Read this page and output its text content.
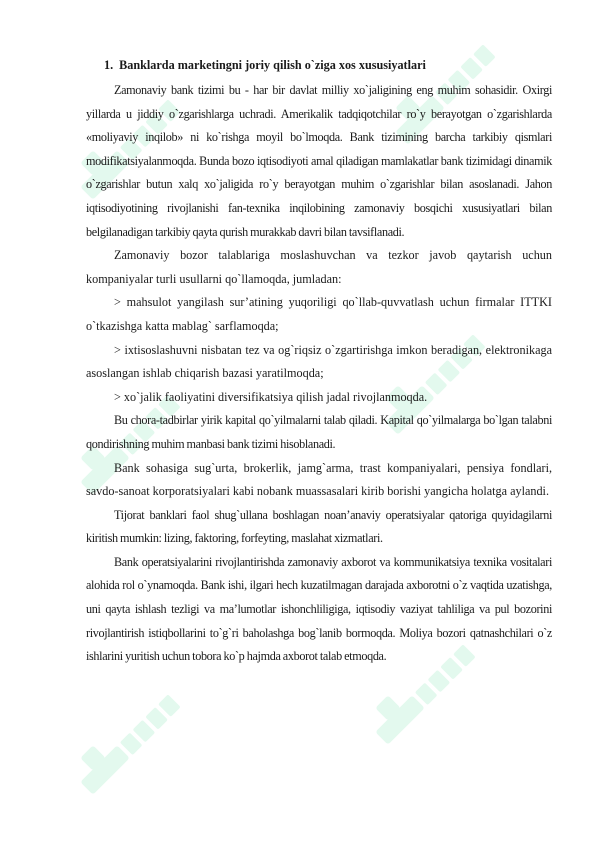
1. Banklarda marketingni joriy qilish o`ziga xos xususiyatlari

Zamonaviy bank tizimi bu - har bir davlat milliy xo`jaligining eng muhim sohasidir. Oxirgi yillarda u jiddiy o`zgarishlarga uchradi. Amerikalik tadqiqotchilar ro`y berayotgan o`zgarishlarda «moliyaviy inqilob» ni ko`rishga moyil bo`lmoqda. Bank tizimining barcha tarkibiy qismlari modifikatsiyalanmoqda. Bunda bozo iqtisodiyoti amal qiladigan mamlakatlar bank tizimidagi dinamik o`zgarishlar butun xalq xo`jaligida ro`y berayotgan muhim o`zgarishlar bilan asoslanadi. Jahon iqtisodiyotining rivojlanishi fan-texnika inqilobining zamonaviy bosqichi xususiyatlari bilan belgilanadigan tarkibiy qayta qurish murakkab davri bilan tavsiflanadi.

Zamonaviy bozor talablariga moslashuvchan va tezkor javob qaytarish uchun kompaniyalar turli usullarni qo`llamoqda, jumladan:

> mahsulot yangilash sur’atining yuqoriligi qo`llab-quvvatlash uchun firmalar ITTKI o`tkazishga katta mablag` sarflamoqda;

> ixtisoslashuvni nisbatan tez va og`riqsiz o`zgartirishga imkon beradigan, elektronikaga asoslangan ishlab chiqarish bazasi yaratilmoqda;

> xo`jalik faoliyatini diversifikatsiya qilish jadal rivojlanmoqda.

Bu chora-tadbirlar yirik kapital qo`yilmalarni talab qiladi. Kapital qo`yilmalarga bo`lgan talabni qondirishning muhim manbasi bank tizimi hisoblanadi.

Bank sohasiga sug`urta, brokerlik, jamg`arma, trast kompaniyalari, pensiya fondlari, savdo-sanoat korporatsiyalari kabi nobank muassasalari kirib borishi yangicha holatga aylandi.

Tijorat banklari faol shug`ullana boshlagan noan’anaviy operatsiyalar qatoriga quyidagilarni kiritish mumkin: lizing, faktoring, forfeyting, maslahat xizmatlari.

Bank operatsiyalarini rivojlantirishda zamonaviy axborot va kommunikatsiya texnika vositalari alohida rol o`ynamoqda. Bank ishi, ilgari hech kuzatilmagan darajada axborotni o`z vaqtida uzatishga, uni qayta ishlash tezligi va ma’lumotlar ishonchliligiga, iqtisodiy vaziyat tahliliga va pul bozorini rivojlantirish istiqbollarini to`g`ri baholashga bog`lanib bormoqda. Moliya bozori qatnashchilari o`z ishlarini yuritish uchun tobora ko`p hajmda axborot talab etmoqda.
